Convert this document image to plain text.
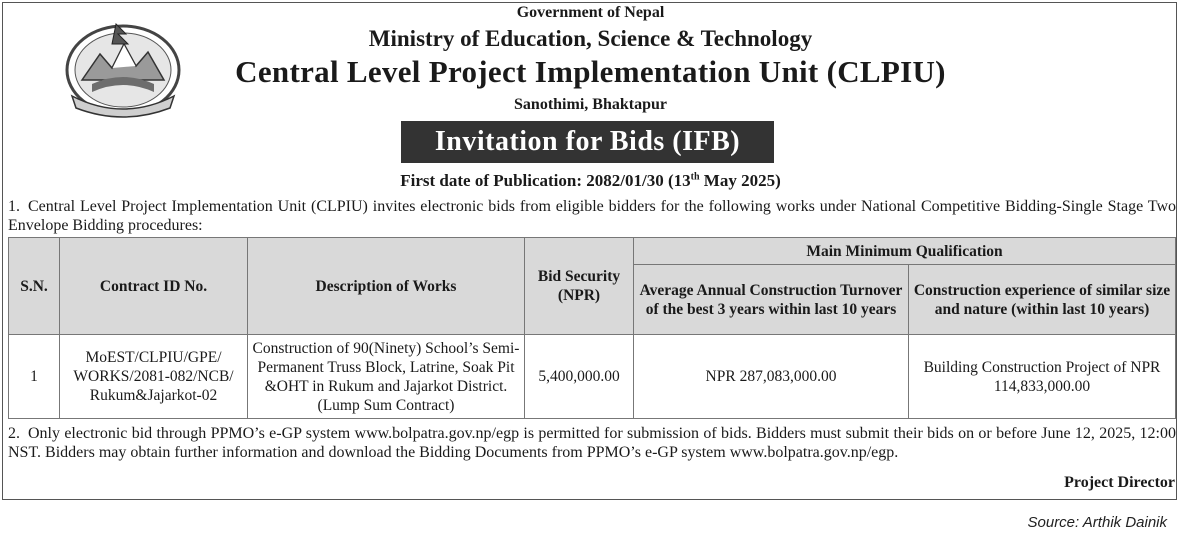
Government of Nepal
Ministry of Education, Science & Technology
Central Level Project Implementation Unit (CLPIU)
Sanothimi, Bhaktapur
Invitation for Bids (IFB)
First date of Publication: 2082/01/30 (13th May 2025)
1. Central Level Project Implementation Unit (CLPIU) invites electronic bids from eligible bidders for the following works under National Competitive Bidding-Single Stage Two Envelope Bidding procedures:
S.N.	Contract ID No.	Description of Works	Bid Security (NPR)	Main Minimum Qualification	
				Average Annual Construction Turnover of the best 3 years within last 10 years	Construction experience of similar size and nature (within last 10 years)
1	MoEST/CLPIU/GPE/ WORKS/2081-082/NCB/ Rukum&Jajarkot-02	Construction of 90(Ninety) School’s Semi-Permanent Truss Block, Latrine, Soak Pit &OHT in Rukum and Jajarkot District.(Lump Sum Contract)	5,400,000.00	NPR 287,083,000.00	Building Construction Project of NPR 114,833,000.00
2. Only electronic bid through PPMO’s e-GP system www.bolpatra.gov.np/egp is permitted for submission of bids. Bidders must submit their bids on or before June 12, 2025, 12:00 NST. Bidders may obtain further information and download the Bidding Documents from PPMO’s e-GP system www.bolpatra.gov.np/egp.
Project Director
Source: Arthik Dainik
